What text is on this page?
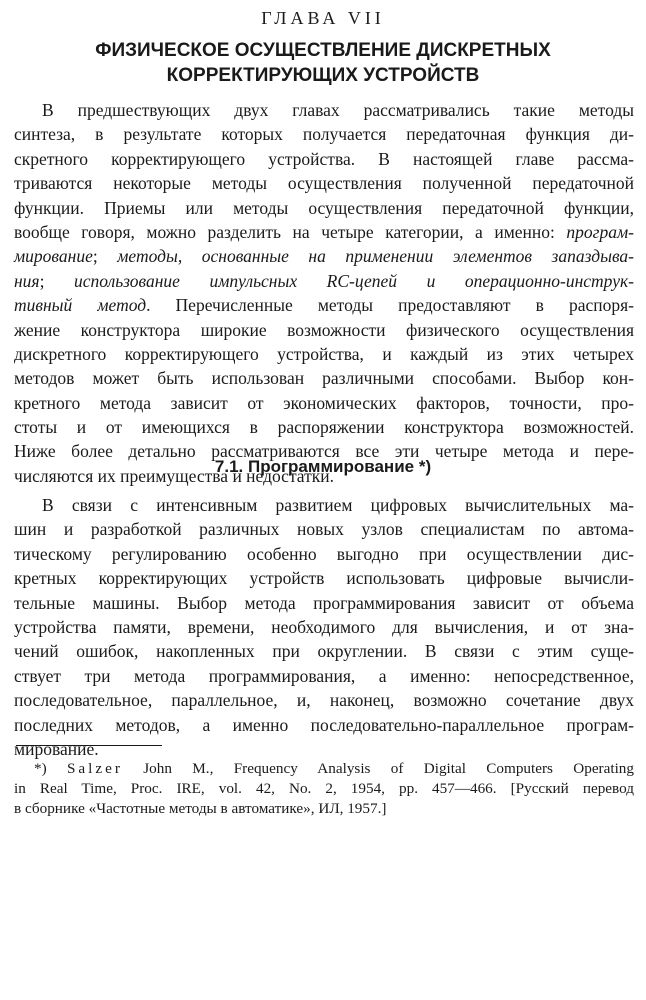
ГЛАВА VII
ФИЗИЧЕСКОЕ ОСУЩЕСТВЛЕНИЕ ДИСКРЕТНЫХ
КОРРЕКТИРУЮЩИХ УСТРОЙСТВ
В предшествующих двух главах рассматривались такие методы
синтеза, в результате которых получается передаточная функция ди-
скретного корректирующего устройства. В настоящей главе рассма-
триваются некоторые методы осуществления полученной передаточной
функции. Приемы или методы осуществления передаточной функции,
вообще говоря, можно разделить на четыре категории, а именно: програм-
мирование; методы, основанные на применении элементов запаздыва-
ния; использование импульсных RC-цепей и операционно-инструк-
тивный метод. Перечисленные методы предоставляют в распоря-
жение конструктора широкие возможности физического осуществления
дискретного корректирующего устройства, и каждый из этих четырех
методов может быть использован различными способами. Выбор кон-
кретного метода зависит от экономических факторов, точности, про-
стоты и от имеющихся в распоряжении конструктора возможностей.
Ниже более детально рассматриваются все эти четыре метода и пере-
числяются их преимущества и недостатки.
7.1. Программирование *)
В связи с интенсивным развитием цифровых вычислительных ма-
шин и разработкой различных новых узлов специалистам по автома-
тическому регулированию особенно выгодно при осуществлении дис-
кретных корректирующих устройств использовать цифровые вычисли-
тельные машины. Выбор метода программирования зависит от объема
устройства памяти, времени, необходимого для вычисления, и от зна-
чений ошибок, накопленных при округлении. В связи с этим суще-
ствует три метода программирования, а именно: непосредственное,
последовательное, параллельное, и, наконец, возможно сочетание двух
последних методов, а именно последовательно-параллельное програм-
мирование.
*) Salzer John M., Frequency Analysis of Digital Computers Operating
in Real Time, Proc. IRE, vol. 42, No. 2, 1954, pp. 457—466. [Русский перевод
в сборнике «Частотные методы в автоматике», ИЛ, 1957.]
